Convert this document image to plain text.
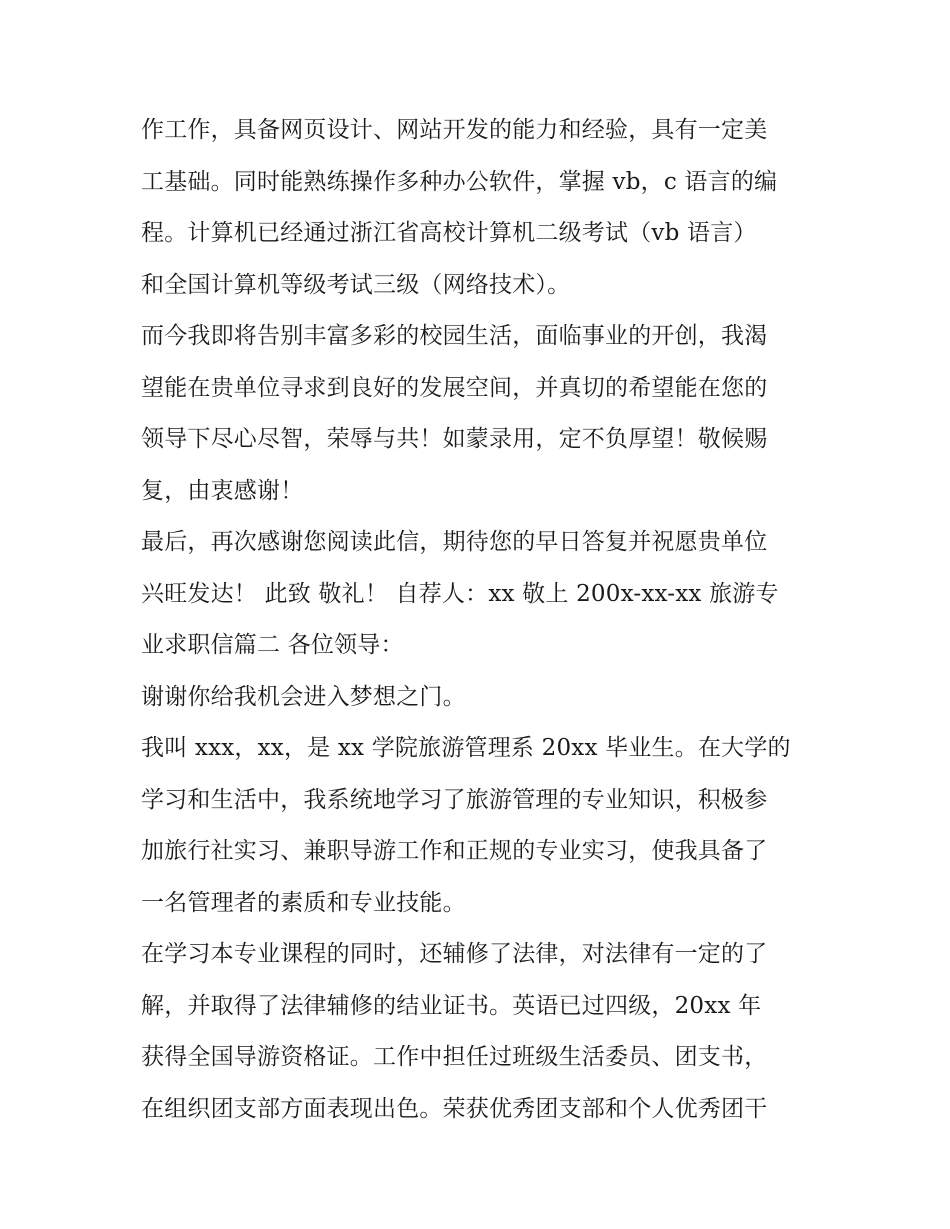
作工作，具备网页设计、网站开发的能力和经验，具有一定美
工基础。同时能熟练操作多种办公软件，掌握 vb，c 语言的编
程。计算机已经通过浙江省高校计算机二级考试（vb 语言）
和全国计算机等级考试三级（网络技术）。
而今我即将告别丰富多彩的校园生活，面临事业的开创，我渴
望能在贵单位寻求到良好的发展空间，并真切的希望能在您的
领导下尽心尽智，荣辱与共！如蒙录用，定不负厚望！敬候赐
复，由衷感谢！
最后，再次感谢您阅读此信，期待您的早日答复并祝愿贵单位
兴旺发达！ 此致 敬礼！ 自荐人：xx 敬上 200x-xx-xx 旅游专
业求职信篇二 各位领导：
谢谢你给我机会进入梦想之门。
我叫 xxx，xx，是 xx 学院旅游管理系 20xx 毕业生。在大学的
学习和生活中，我系统地学习了旅游管理的专业知识，积极参
加旅行社实习、兼职导游工作和正规的专业实习，使我具备了
一名管理者的素质和专业技能。
在学习本专业课程的同时，还辅修了法律，对法律有一定的了
解，并取得了法律辅修的结业证书。英语已过四级，20xx 年
获得全国导游资格证。工作中担任过班级生活委员、团支书，
在组织团支部方面表现出色。荣获优秀团支部和个人优秀团干
